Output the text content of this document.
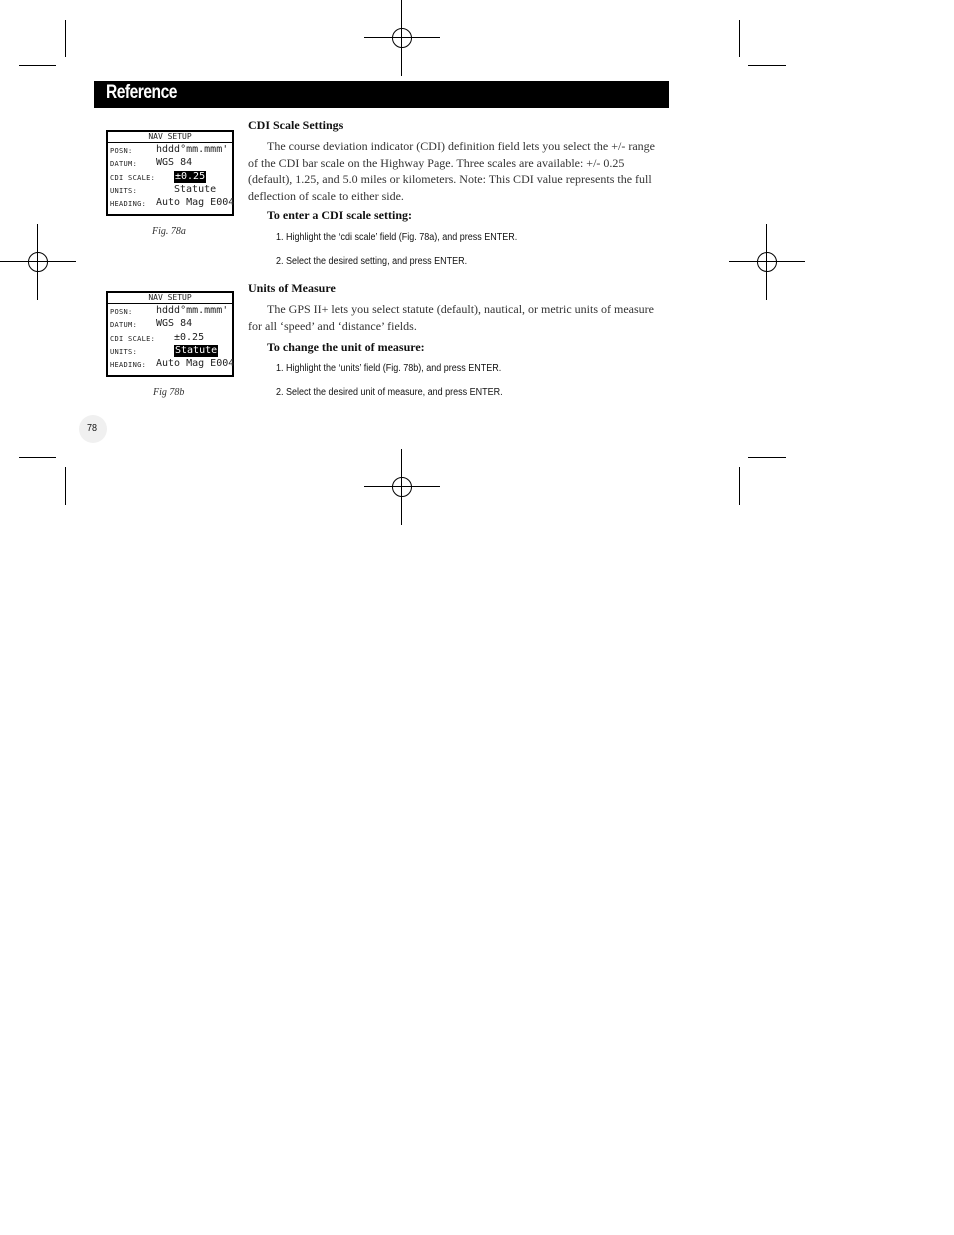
Reference
NAV SETUP
POSN: hddd°mm.mmm'
DATUM: WGS 84
CDI SCALE: ±0.25
UNITS:	Statute
HEADING: Auto Mag E004
Fig. 78a
NAV SETUP
POSN: hddd°mm.mmm'
DATUM: WGS 84
CDI SCALE: ±0.25
UNITS:	Statute
HEADING: Auto Mag E004
Fig 78b
CDI Scale Settings
The course deviation indicator (CDI) definition field lets you select the +/- range of the CDI bar scale on the Highway Page. Three scales are available: +/- 0.25 (default), 1.25, and 5.0 miles or kilometers. Note: This CDI value represents the full deflection of scale to either side.
To enter a CDI scale setting:
1. Highlight the ‘cdi scale’ field (Fig. 78a), and press ENTER.
2. Select the desired setting, and press ENTER.
Units of Measure
The GPS II+ lets you select statute (default), nautical, or metric units of measure for all ‘speed’ and ‘distance’ fields.
To change the unit of measure:
1. Highlight the ‘units’ field (Fig. 78b), and press ENTER.
2. Select the desired unit of measure, and press ENTER.
78
